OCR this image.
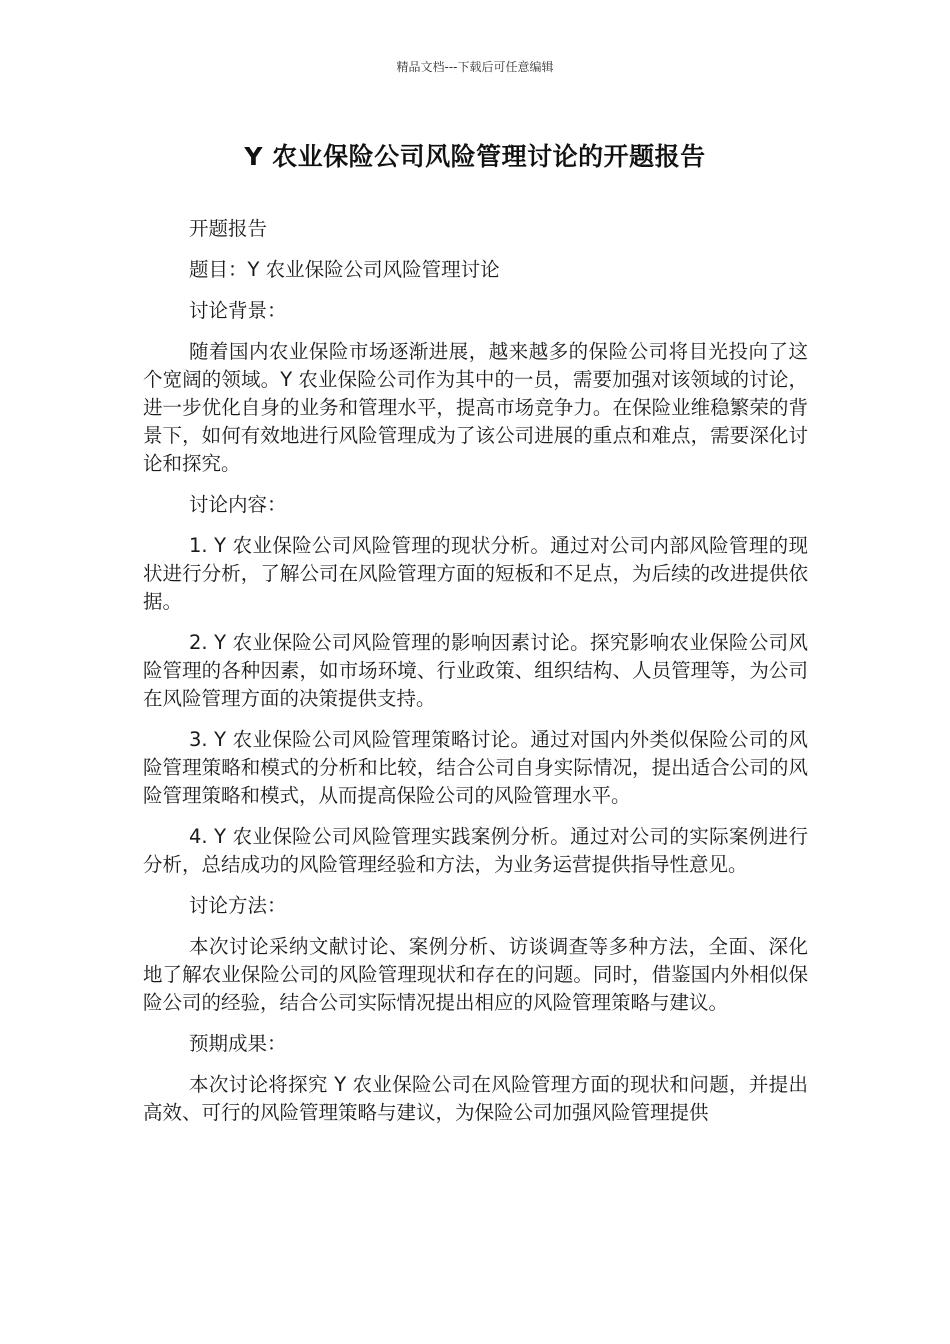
精品文档---下载后可任意编辑
Y 农业保险公司风险管理讨论的开题报告

开题报告

题目：Y 农业保险公司风险管理讨论

讨论背景：

随着国内农业保险市场逐渐进展，越来越多的保险公司将目光投向了这个宽阔的领域。Y 农业保险公司作为其中的一员，需要加强对该领域的讨论，进一步优化自身的业务和管理水平，提高市场竞争力。在保险业维稳繁荣的背景下，如何有效地进行风险管理成为了该公司进展的重点和难点，需要深化讨论和探究。

讨论内容：

1. Y 农业保险公司风险管理的现状分析。通过对公司内部风险管理的现状进行分析，了解公司在风险管理方面的短板和不足点，为后续的改进提供依据。

2. Y 农业保险公司风险管理的影响因素讨论。探究影响农业保险公司风险管理的各种因素，如市场环境、行业政策、组织结构、人员管理等，为公司在风险管理方面的决策提供支持。

3. Y 农业保险公司风险管理策略讨论。通过对国内外类似保险公司的风险管理策略和模式的分析和比较，结合公司自身实际情况，提出适合公司的风险管理策略和模式，从而提高保险公司的风险管理水平。

4. Y 农业保险公司风险管理实践案例分析。通过对公司的实际案例进行分析，总结成功的风险管理经验和方法，为业务运营提供指导性意见。

讨论方法：

本次讨论采纳文献讨论、案例分析、访谈调查等多种方法，全面、深化地了解农业保险公司的风险管理现状和存在的问题。同时，借鉴国内外相似保险公司的经验，结合公司实际情况提出相应的风险管理策略与建议。

预期成果：

本次讨论将探究 Y 农业保险公司在风险管理方面的现状和问题，并提出高效、可行的风险管理策略与建议，为保险公司加强风险管理提供
